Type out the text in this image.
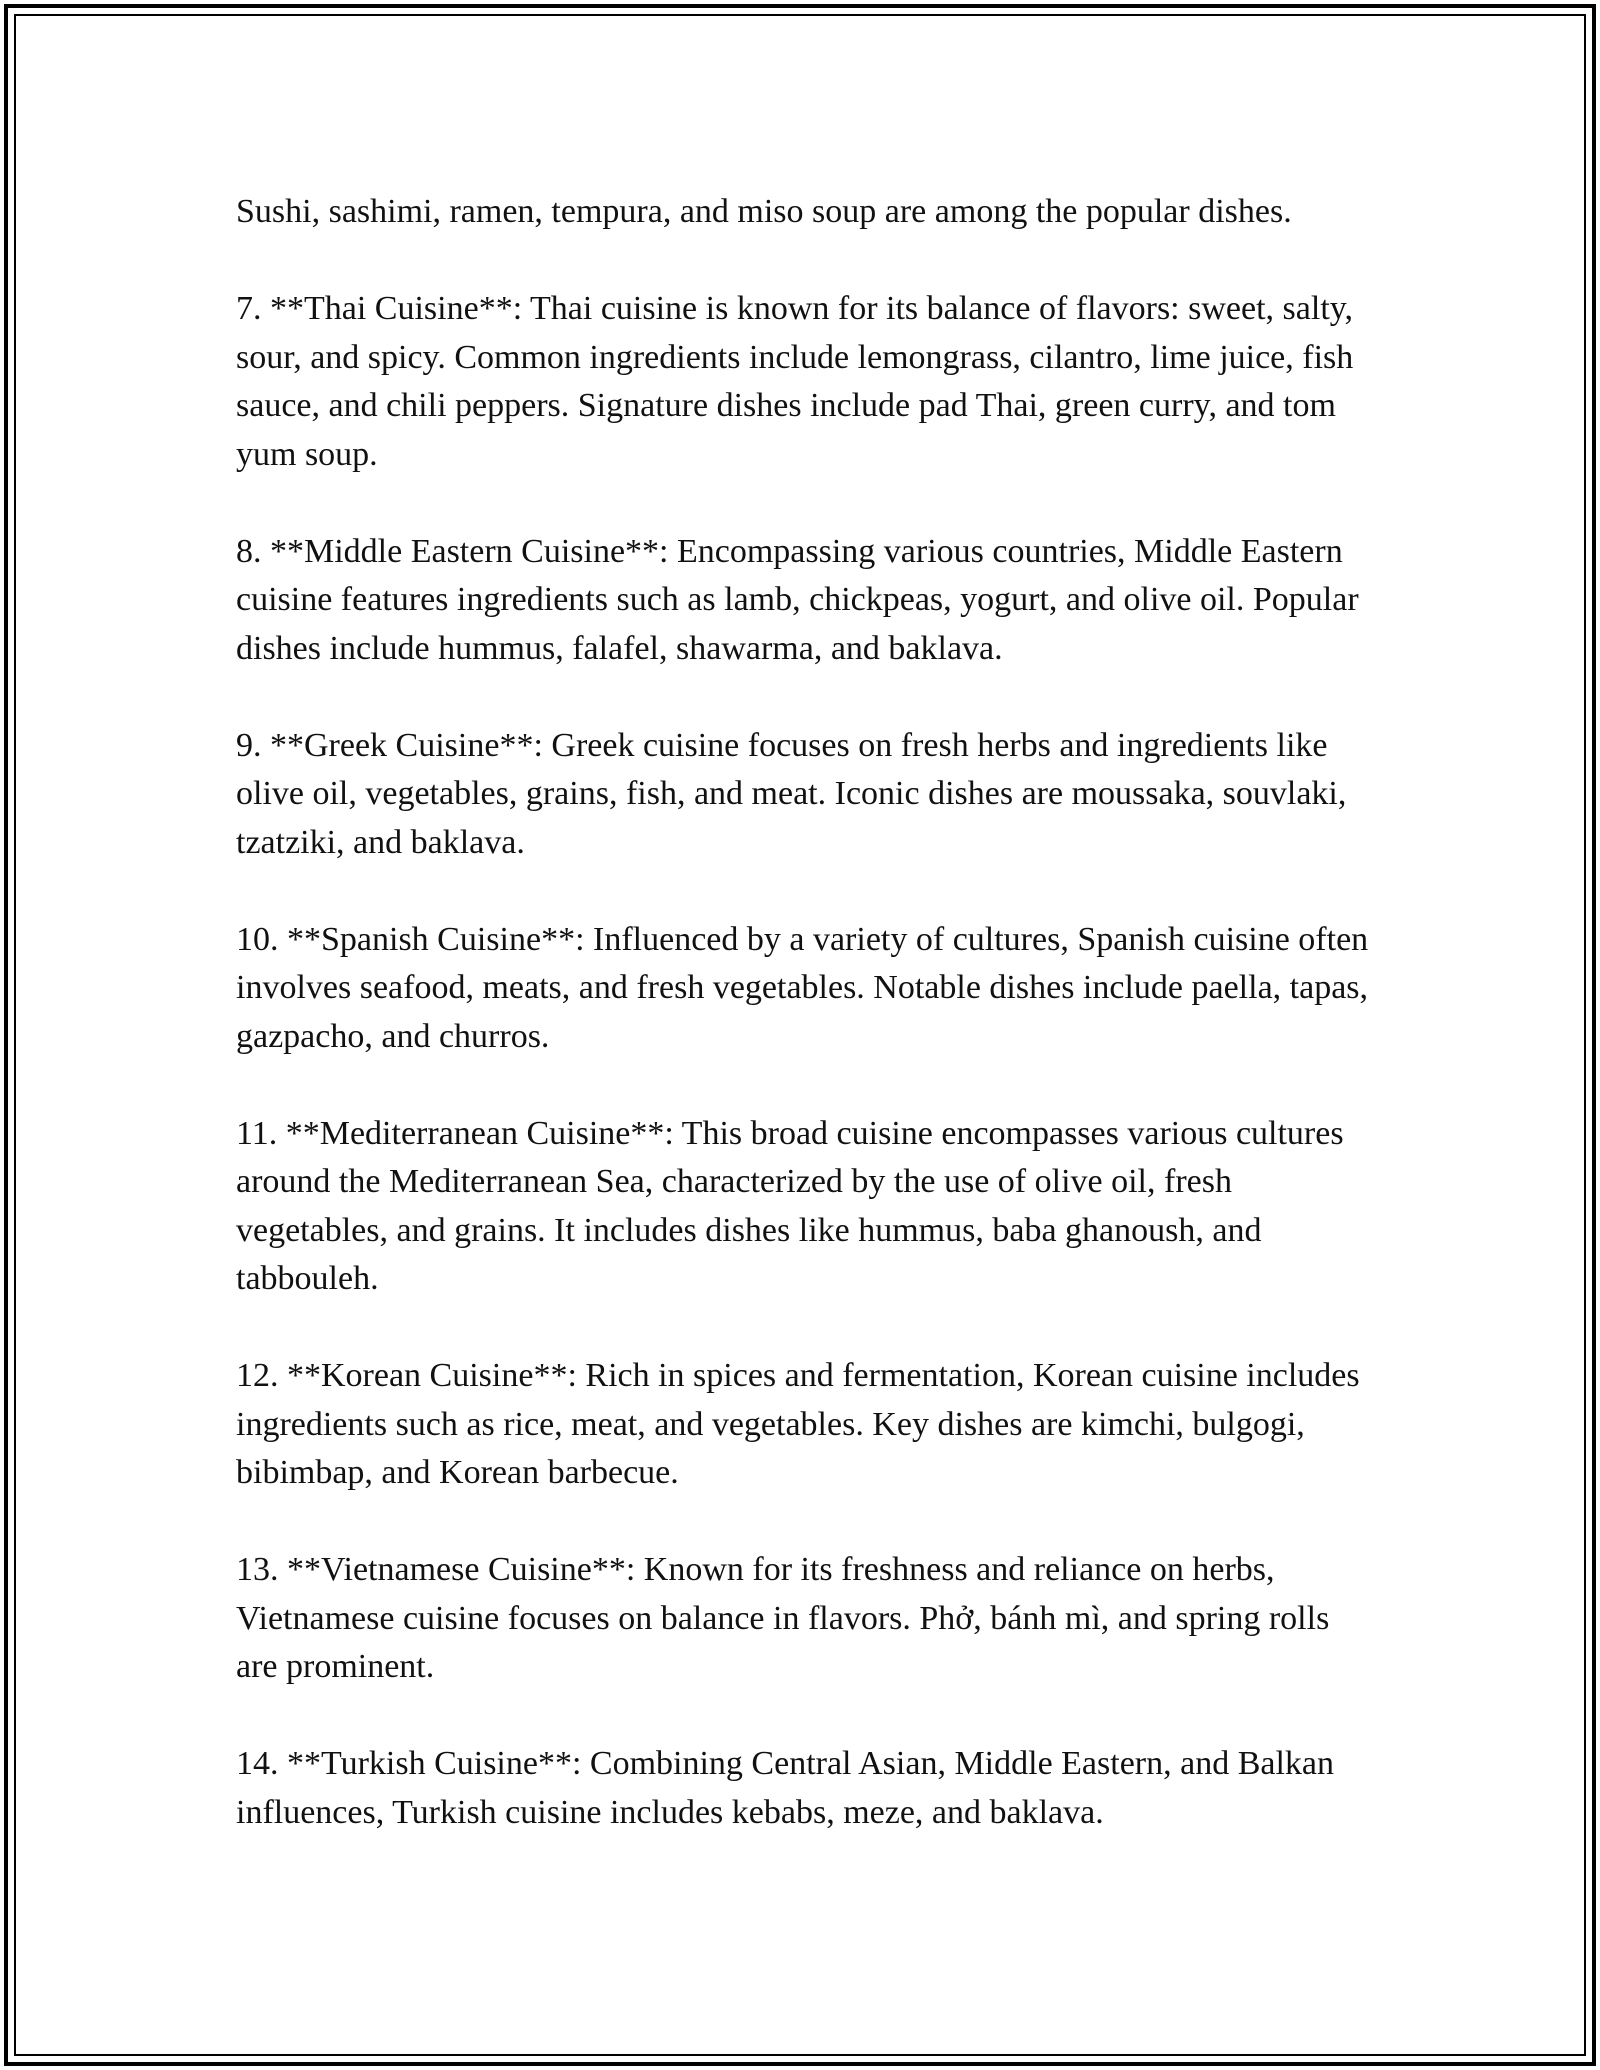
Sushi, sashimi, ramen, tempura, and miso soup are among the popular dishes.

7. **Thai Cuisine**: Thai cuisine is known for its balance of flavors: sweet, salty, sour, and spicy. Common ingredients include lemongrass, cilantro, lime juice, fish sauce, and chili peppers. Signature dishes include pad Thai, green curry, and tom yum soup.

8. **Middle Eastern Cuisine**: Encompassing various countries, Middle Eastern cuisine features ingredients such as lamb, chickpeas, yogurt, and olive oil. Popular dishes include hummus, falafel, shawarma, and baklava.

9. **Greek Cuisine**: Greek cuisine focuses on fresh herbs and ingredients like olive oil, vegetables, grains, fish, and meat. Iconic dishes are moussaka, souvlaki, tzatziki, and baklava.

10. **Spanish Cuisine**: Influenced by a variety of cultures, Spanish cuisine often involves seafood, meats, and fresh vegetables. Notable dishes include paella, tapas, gazpacho, and churros.

11. **Mediterranean Cuisine**: This broad cuisine encompasses various cultures around the Mediterranean Sea, characterized by the use of olive oil, fresh vegetables, and grains. It includes dishes like hummus, baba ghanoush, and tabbouleh.

12. **Korean Cuisine**: Rich in spices and fermentation, Korean cuisine includes ingredients such as rice, meat, and vegetables. Key dishes are kimchi, bulgogi, bibimbap, and Korean barbecue.

13. **Vietnamese Cuisine**: Known for its freshness and reliance on herbs, Vietnamese cuisine focuses on balance in flavors. Phở, bánh mì, and spring rolls are prominent.

14. **Turkish Cuisine**: Combining Central Asian, Middle Eastern, and Balkan influences, Turkish cuisine includes kebabs, meze, and baklava.
